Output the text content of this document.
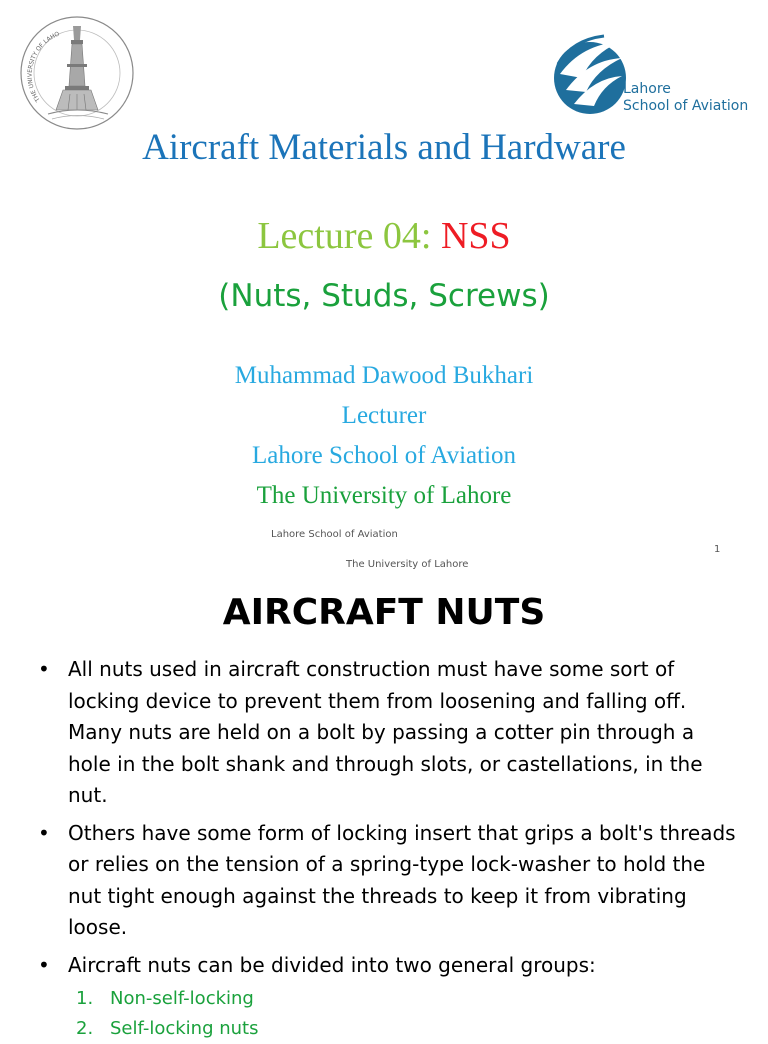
THE UNIVERSITY OF LAHO
Lahore
School of Aviation
Aircraft Materials and Hardware
Lecture 04: NSS
(Nuts, Studs, Screws)
Muhammad Dawood Bukhari
Lecturer
Lahore School of Aviation
The University of Lahore
Lahore School of Aviation
1
The University of Lahore
AIRCRAFT NUTS
• All nuts used in aircraft construction must have some sort of locking device to prevent them from loosening and falling off. Many nuts are held on a bolt by passing a cotter pin through a hole in the bolt shank and through slots, or castellations, in the nut.
• Others have some form of locking insert that grips a bolt's threads or relies on the tension of a spring-type lock-washer to hold the nut tight enough against the threads to keep it from vibrating loose.
• Aircraft nuts can be divided into two general groups:
1. Non-self-locking
2. Self-locking nuts
